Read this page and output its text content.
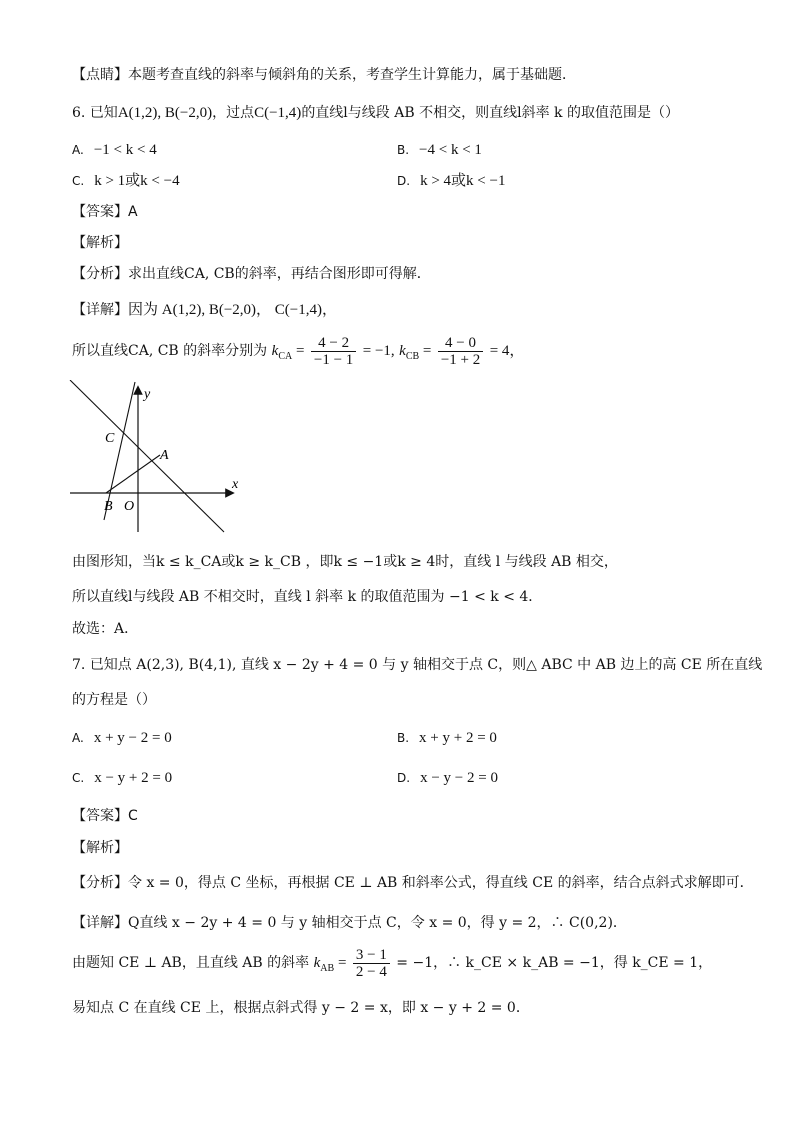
【点睛】本题考查直线的斜率与倾斜角的关系，考查学生计算能力，属于基础题．
6. 已知A(1,2), B(−2,0)，过点C(−1,4)的直线l与线段 AB 不相交，则直线l斜率 k 的取值范围是（）
A. −1 < k < 4	B. −4 < k < 1
C. k > 1或k < −4	D. k > 4或k < −1
【答案】A
【解析】
【分析】求出直线CA, CB的斜率，再结合图形即可得解．
【详解】因为 A(1,2), B(−2,0)， C(−1,4)，
所以直线CA, CB 的斜率分别为 $k_{CA} = \frac{4 - 2}{-1 - 1} = -1$, $k_{CB} = \frac{4 - 0}{-1 + 2} = 4$，
y
x
C
A
B O
由图形知，当k ≤ k_CA或k ≥ k_CB ，即k ≤ −1或k ≥ 4时，直线 l 与线段 AB 相交，
所以直线l与线段 AB 不相交时，直线 l 斜率 k 的取值范围为 −1 < k < 4．
故选：A．
7. 已知点 A(2,3), B(4,1), 直线 x − 2y + 4 = 0 与 y 轴相交于点 C，则△ ABC 中 AB 边上的高 CE 所在直线
的方程是（）
A. x + y − 2 = 0	B. x + y + 2 = 0
C. x − y + 2 = 0	D. x − y − 2 = 0
【答案】C
【解析】
【分析】令 x = 0，得点 C 坐标，再根据 CE ⊥ AB 和斜率公式，得直线 CE 的斜率，结合点斜式求解即可．
【详解】Q直线 x − 2y + 4 = 0 与 y 轴相交于点 C，令 x = 0，得 y = 2，∴ C(0,2)．
由题知 CE ⊥ AB，且直线 AB 的斜率 $k_{AB} = \frac{3 - 1}{2 - 4} = -1$，∴ k_CE × k_AB = −1，得 k_CE = 1，
易知点 C 在直线 CE 上，根据点斜式得 y − 2 = x，即 x − y + 2 = 0．
